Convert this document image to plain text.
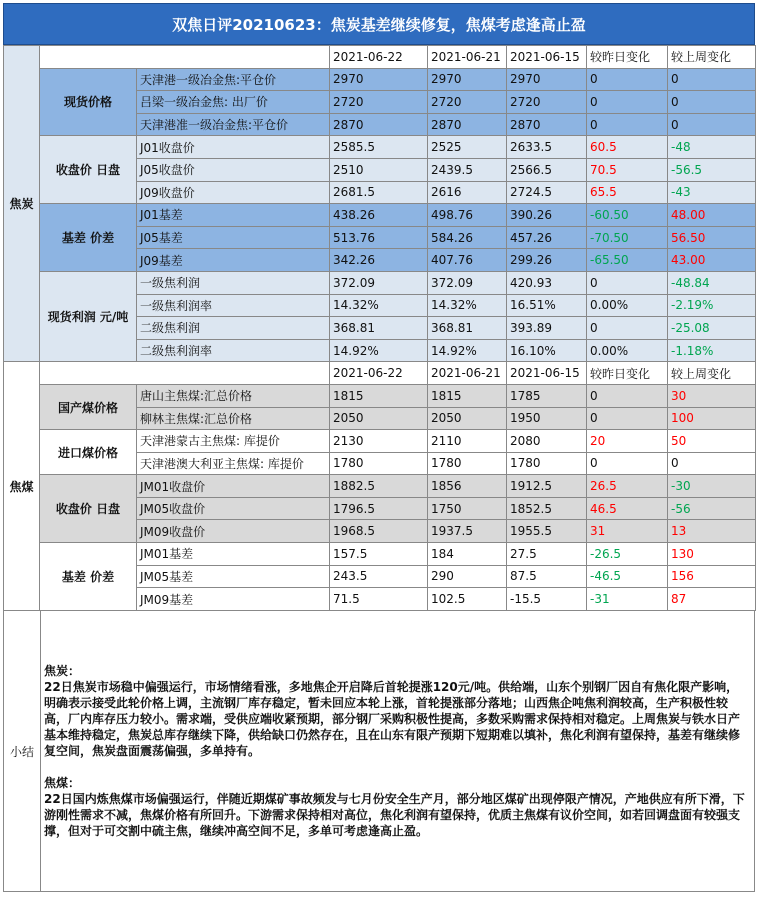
双焦日评20210623：焦炭基差继续修复，焦煤考虑逢高止盈
焦炭			2021-06-22	2021-06-21	2021-06-15	较昨日变化	较上周变化
	现货价格	天津港一级冶金焦:平仓价	2970	2970	2970	0	0
		吕梁一级冶金焦: 出厂价	2720	2720	2720	0	0
		天津港准一级冶金焦:平仓价	2870	2870	2870	0	0
	收盘价 日盘	J01收盘价	2585.5	2525	2633.5	60.5	-48
		J05收盘价	2510	2439.5	2566.5	70.5	-56.5
		J09收盘价	2681.5	2616	2724.5	65.5	-43
	基差 价差	J01基差	438.26	498.76	390.26	-60.50	48.00
		J05基差	513.76	584.26	457.26	-70.50	56.50
		J09基差	342.26	407.76	299.26	-65.50	43.00
	现货利润 元/吨	一级焦利润	372.09	372.09	420.93	0	-48.84
		一级焦利润率	14.32%	14.32%	16.51%	0.00%	-2.19%
		二级焦利润	368.81	368.81	393.89	0	-25.08
		二级焦利润率	14.92%	14.92%	16.10%	0.00%	-1.18%
焦煤			2021-06-22	2021-06-21	2021-06-15	较昨日变化	较上周变化
	国产煤价格	唐山主焦煤:汇总价格	1815	1815	1785	0	30
		柳林主焦煤:汇总价格	2050	2050	1950	0	100
	进口煤价格	天津港蒙古主焦煤: 库提价	2130	2110	2080	20	50
		天津港澳大利亚主焦煤: 库提价	1780	1780	1780	0	0
	收盘价 日盘	JM01收盘价	1882.5	1856	1912.5	26.5	-30
		JM05收盘价	1796.5	1750	1852.5	46.5	-56
		JM09收盘价	1968.5	1937.5	1955.5	31	13
	基差 价差	JM01基差	157.5	184	27.5	-26.5	130
		JM05基差	243.5	290	87.5	-46.5	156
		JM09基差	71.5	102.5	-15.5	-31	87
小结

焦炭：

22日焦炭市场稳中偏强运行，市场情绪看涨，多地焦企开启降后首轮提涨120元/吨。供给端，山东个别钢厂因自有焦化限产影响，明确表示接受此轮价格上调，主流钢厂库存稳定，暂未回应本轮上涨，首轮提涨部分落地；山西焦企吨焦利润较高，生产积极性较高，厂内库存压力较小。需求端，受供应端收紧预期，部分钢厂采购积极性提高，多数采购需求保持相对稳定。上周焦炭与铁水日产基本维持稳定，焦炭总库存继续下降，供给缺口仍然存在，且在山东有限产预期下短期难以填补，焦化利润有望保持，基差有继续修复空间，焦炭盘面震荡偏强，多单持有。

焦煤：

22日国内炼焦煤市场偏强运行，伴随近期煤矿事故频发与七月份安全生产月，部分地区煤矿出现停限产情况，产地供应有所下滑，下游刚性需求不减，焦煤价格有所回升。下游需求保持相对高位，焦化利润有望保持，优质主焦煤有议价空间，如若回调盘面有较强支撑，但对于可交割中硫主焦，继续冲高空间不足，多单可考虑逢高止盈。
